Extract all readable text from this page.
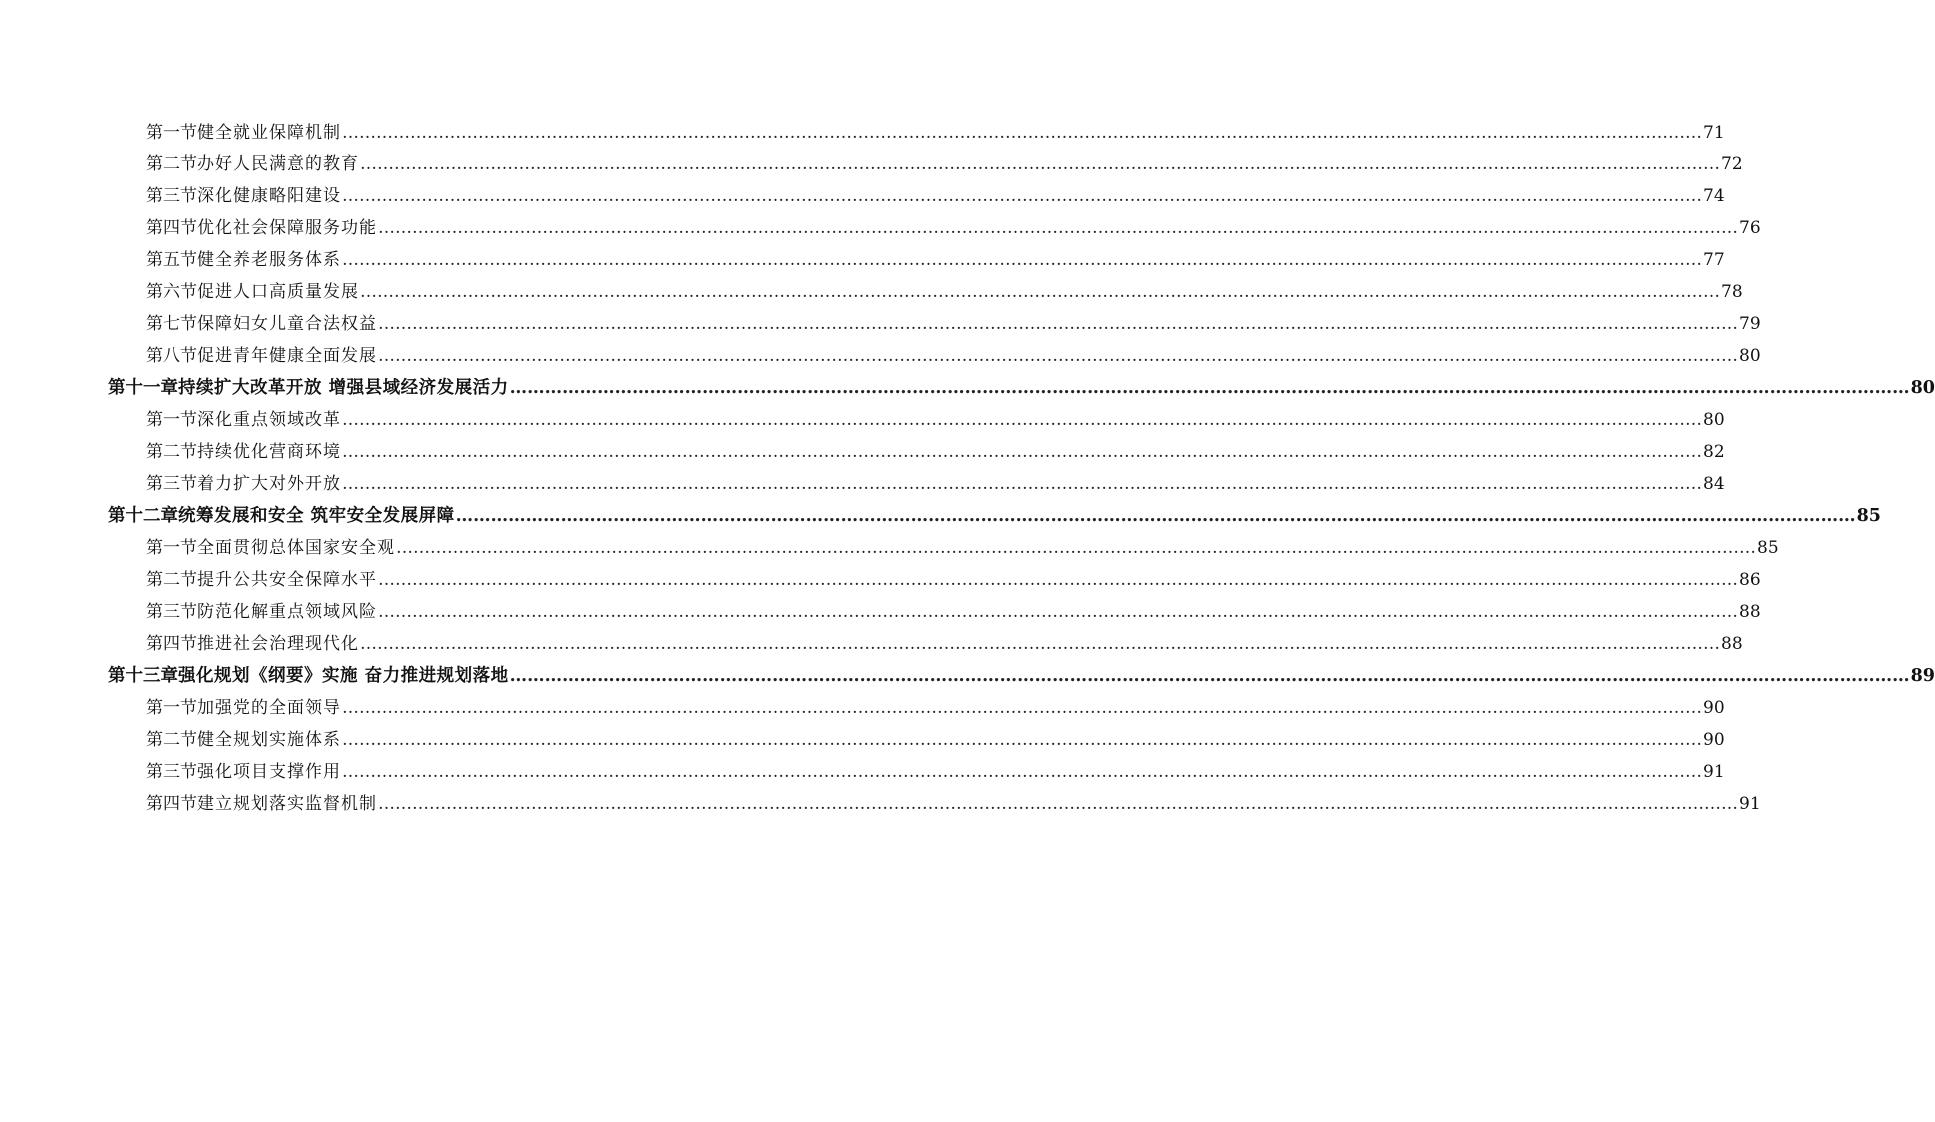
第一节 健全就业保障机制 …………………………………………………………………………………………………………………………………………………………………………………………………………………… 71
第二节 办好人民满意的教育 …………………………………………………………………………………………………………………………………………………………………………………………………………………… 72
第三节 深化健康略阳建设 …………………………………………………………………………………………………………………………………………………………………………………………………………………… 74
第四节 优化社会保障服务功能 …………………………………………………………………………………………………………………………………………………………………………………………………………………… 76
第五节 健全养老服务体系 …………………………………………………………………………………………………………………………………………………………………………………………………………………… 77
第六节 促进人口高质量发展 …………………………………………………………………………………………………………………………………………………………………………………………………………………… 78
第七节 保障妇女儿童合法权益 …………………………………………………………………………………………………………………………………………………………………………………………………………………… 79
第八节 促进青年健康全面发展 …………………………………………………………………………………………………………………………………………………………………………………………………………………… 80
第十一章 持续扩大改革开放 增强县域经济发展活力 …………………………………………………………………………………………………………………………………………………………………………………………………………………… 80
第一节 深化重点领域改革 …………………………………………………………………………………………………………………………………………………………………………………………………………………… 80
第二节 持续优化营商环境 …………………………………………………………………………………………………………………………………………………………………………………………………………………… 82
第三节 着力扩大对外开放 …………………………………………………………………………………………………………………………………………………………………………………………………………………… 84
第十二章 统筹发展和安全 筑牢安全发展屏障 …………………………………………………………………………………………………………………………………………………………………………………………………………………… 85
第一节 全面贯彻总体国家安全观 …………………………………………………………………………………………………………………………………………………………………………………………………………………… 85
第二节 提升公共安全保障水平 …………………………………………………………………………………………………………………………………………………………………………………………………………………… 86
第三节 防范化解重点领域风险 …………………………………………………………………………………………………………………………………………………………………………………………………………………… 88
第四节 推进社会治理现代化 …………………………………………………………………………………………………………………………………………………………………………………………………………………… 88
第十三章 强化规划《纲要》实施 奋力推进规划落地 …………………………………………………………………………………………………………………………………………………………………………………………………………………… 89
第一节 加强党的全面领导 …………………………………………………………………………………………………………………………………………………………………………………………………………………… 90
第二节 健全规划实施体系 …………………………………………………………………………………………………………………………………………………………………………………………………………………… 90
第三节 强化项目支撑作用 …………………………………………………………………………………………………………………………………………………………………………………………………………………… 91
第四节 建立规划落实监督机制 …………………………………………………………………………………………………………………………………………………………………………………………………………………… 91
